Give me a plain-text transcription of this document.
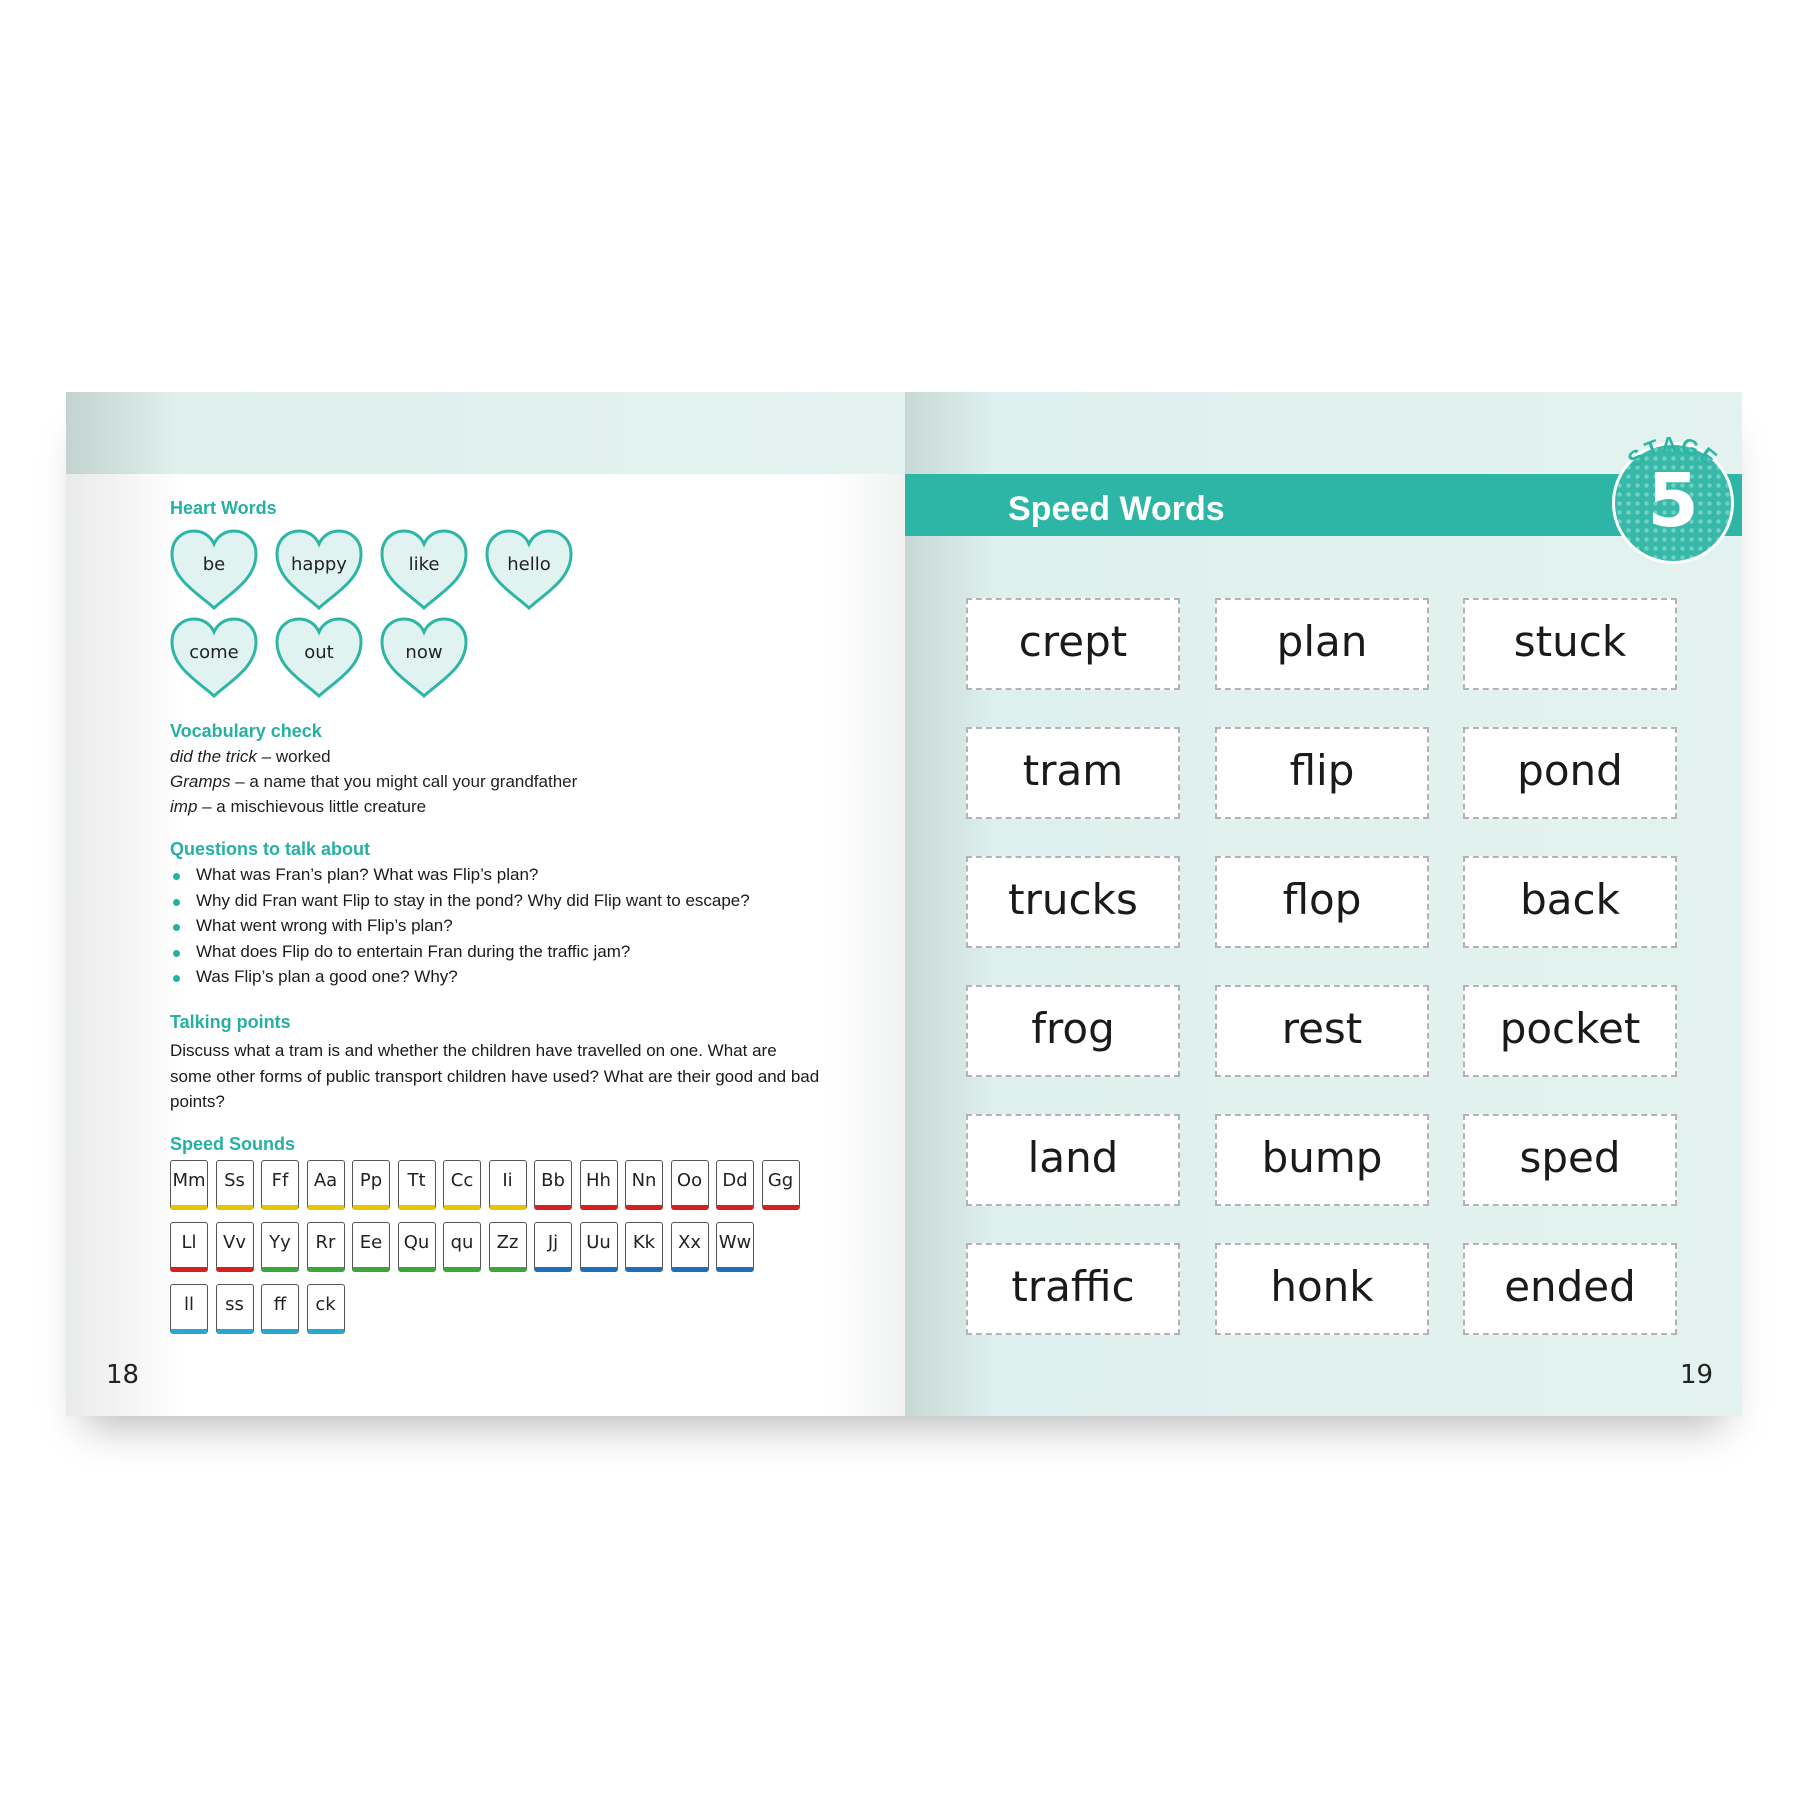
Heart Words
be	happy	like	hello
come	out	now
Vocabulary check
did the trick – worked
Gramps – a name that you might call your grandfather
imp – a mischievous little creature
Questions to talk about
What was Fran’s plan? What was Flip’s plan?
Why did Fran want Flip to stay in the pond? Why did Flip want to escape?
What went wrong with Flip’s plan?
What does Flip do to entertain Fran during the traffic jam?
Was Flip’s plan a good one? Why?
Talking points
Discuss what a tram is and whether the children have travelled on one. What are some other forms of public transport children have used? What are their good and bad points?
Speed Sounds
Mm	Ss	Ff	Aa	Pp	Tt	Cc	Ii	Bb	Hh	Nn	Oo	Dd	Gg
Ll	Vv	Yy	Rr	Ee	Qu	qu	Zz	Jj	Uu	Kk	Xx Ww
ll	ss	ff	ck
18
Speed Words	5
STAGE
crept	plan	stuck
tram	flip	pond
trucks	flop	back
frog	rest	pocket
land	bump	sped
traffic	honk	ended
19
